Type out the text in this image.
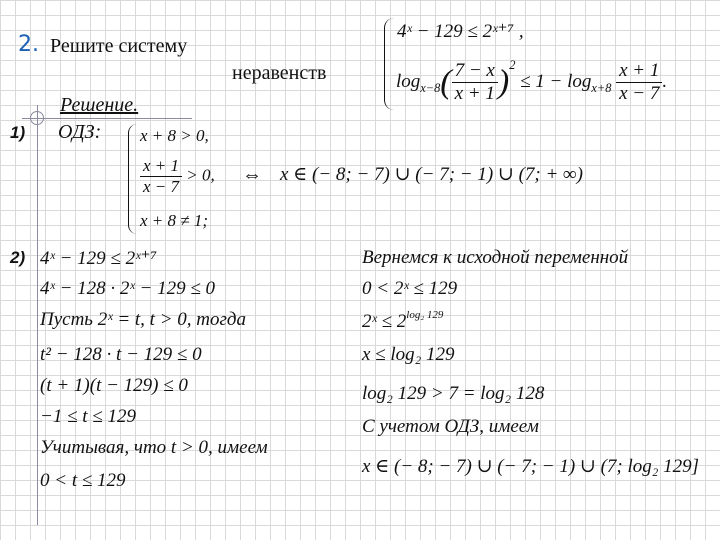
2. Решите систему
неравенств
4ˣ − 129 ≤ 2ˣ⁺⁷ ,
$\log_{x-8}( \frac{7 - x}{x + 1} )^2 \le 1 - \log_{x+8} \frac{x + 1}{x - 7}$ .
Решение.
1) ОДЗ: x + 8 > 0,
$\frac{x + 1}{x - 7} > 0$,
x + 8 ≠ 1;
⇔ x ∈ (− 8; − 7) ∪ (− 7; − 1) ∪ (7; + ∞)
2) 4ˣ − 129 ≤ 2ˣ⁺⁷
4ˣ − 128 · 2ˣ − 129 ≤ 0
Пусть 2ˣ = t, t > 0, тогда
t² − 128 · t − 129 ≤ 0
(t + 1)(t − 129) ≤ 0
−1 ≤ t ≤ 129
Учитывая, что t > 0, имеем
0 < t ≤ 129
Вернемся к исходной переменной
0 < 2ˣ ≤ 129
2ˣ ≤ $2^{log_2 129}$
x ≤ log₂ 129
log₂ 129 > 7 = log₂ 128
С учетом ОДЗ, имеем
x ∈ (− 8; − 7) ∪ (− 7; − 1) ∪ (7; log₂ 129]
